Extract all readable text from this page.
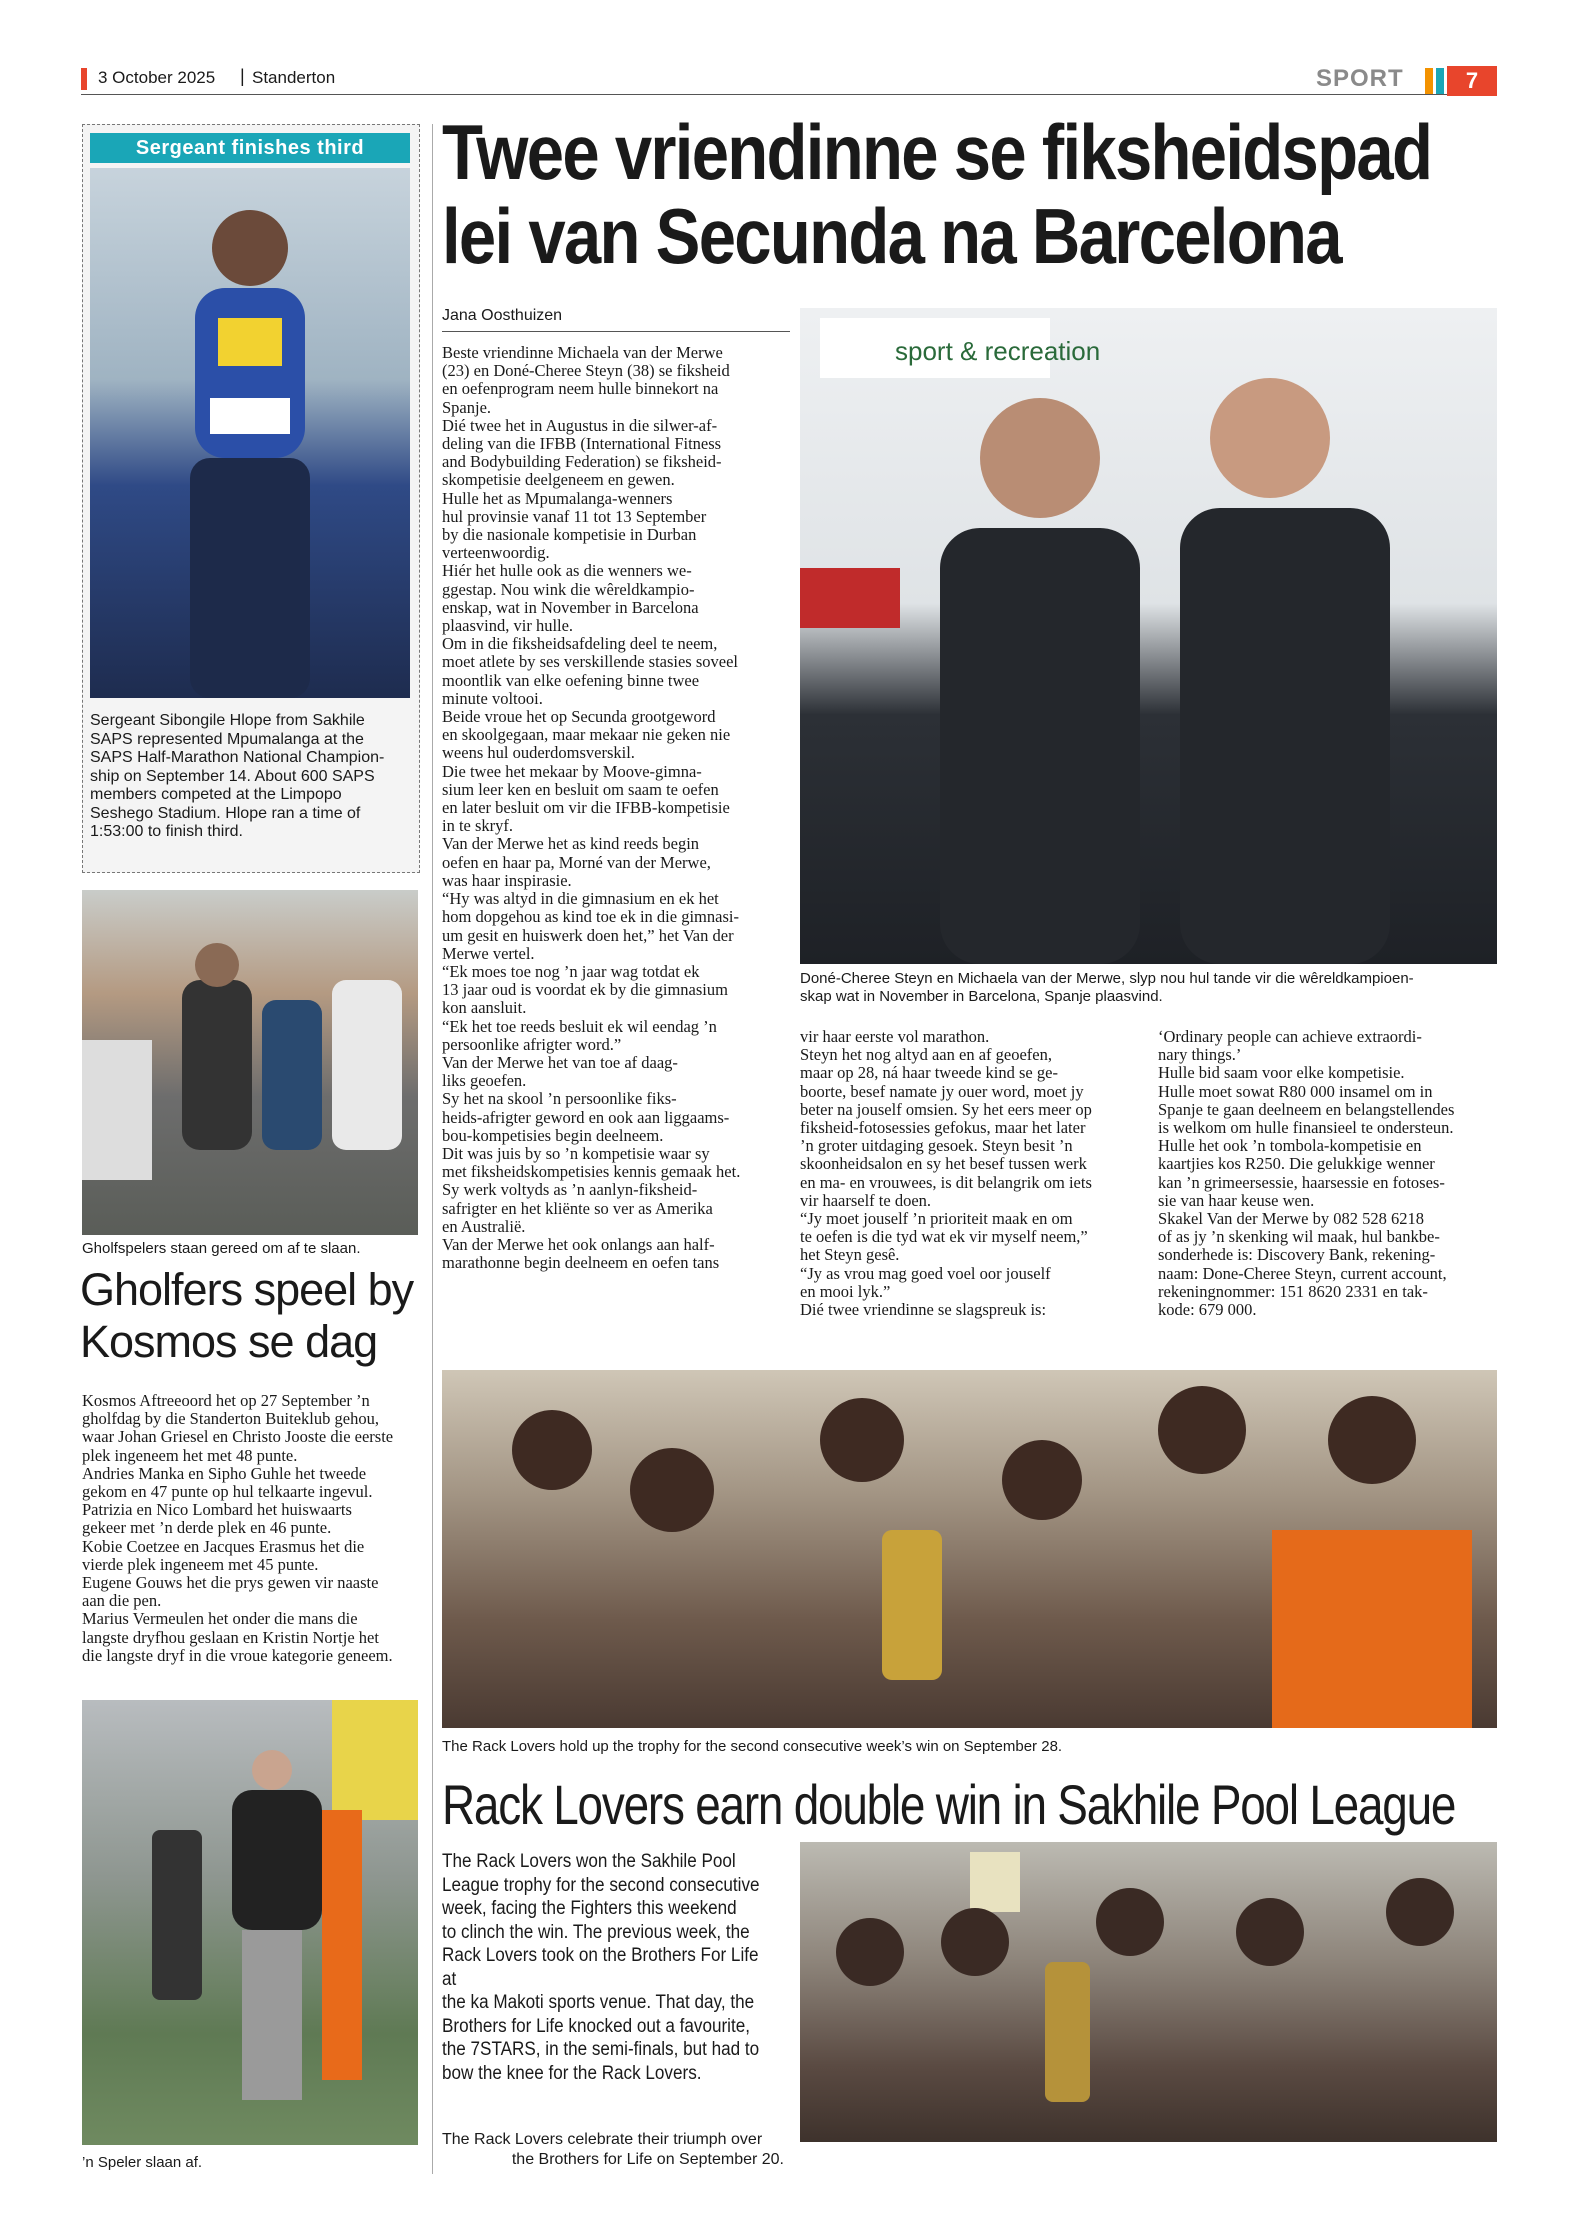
3 October 2025 | Standerton	SPORT	7
Sergeant finishes third
Sergeant Sibongile Hlope from Sakhile
SAPS represented Mpumalanga at the
SAPS Half-Marathon National Champion-
ship on September 14. About 600 SAPS
members competed at the Limpopo
Seshego Stadium. Hlope ran a time of
1:53:00 to finish third.
Gholfspelers staan gereed om af te slaan.
Gholfers speel by
Kosmos se dag
Kosmos Aftreeoord het op 27 September ’n
gholfdag by die Standerton Buiteklub gehou,
waar Johan Griesel en Christo Jooste die eerste
plek ingeneem het met 48 punte.
Andries Manka en Sipho Guhle het tweede
gekom en 47 punte op hul telkaarte ingevul.
Patrizia en Nico Lombard het huiswaarts
gekeer met ’n derde plek en 46 punte.
Kobie Coetzee en Jacques Erasmus het die
vierde plek ingeneem met 45 punte.
Eugene Gouws het die prys gewen vir naaste
aan die pen.
Marius Vermeulen het onder die mans die
langste dryfhou geslaan en Kristin Nortje het
die langste dryf in die vroue kategorie geneem.
’n Speler slaan af.
Twee vriendinne se fiksheidspad
lei van Secunda na Barcelona
Jana Oosthuizen
Beste vriendinne Michaela van der Merwe
(23) en Doné-Cheree Steyn (38) se fiksheid
en oefenprogram neem hulle binnekort na
Spanje.
Dié twee het in Augustus in die silwer-af-
deling van die IFBB (International Fitness
and Bodybuilding Federation) se fiksheid-
skompetisie deelgeneem en gewen.
Hulle het as Mpumalanga-wenners
hul provinsie vanaf 11 tot 13 September
by die nasionale kompetisie in Durban
verteenwoordig.
Hiér het hulle ook as die wenners we-
ggestap. Nou wink die wêreldkampio-
enskap, wat in November in Barcelona
plaasvind, vir hulle.
Om in die fiksheidsafdeling deel te neem,
moet atlete by ses verskillende stasies soveel
moontlik van elke oefening binne twee
minute voltooi.
Beide vroue het op Secunda grootgeword
en skoolgegaan, maar mekaar nie geken nie
weens hul ouderdomsverskil.
Die twee het mekaar by Moove-gimna-
sium leer ken en besluit om saam te oefen
en later besluit om vir die IFBB-kompetisie
in te skryf.
Van der Merwe het as kind reeds begin
oefen en haar pa, Morné van der Merwe,
was haar inspirasie.
“Hy was altyd in die gimnasium en ek het
hom dopgehou as kind toe ek in die gimnasi-
um gesit en huiswerk doen het,” het Van der
Merwe vertel.
“Ek moes toe nog ’n jaar wag totdat ek
13 jaar oud is voordat ek by die gimnasium
kon aansluit.
“Ek het toe reeds besluit ek wil eendag ’n
persoonlike afrigter word.”
Van der Merwe het van toe af daag-
liks geoefen.
Sy het na skool ’n persoonlike fiks-
heids-afrigter geword en ook aan liggaams-
bou-kompetisies begin deelneem.
Dit was juis by so ’n kompetisie waar sy
met fiksheidskompetisies kennis gemaak het.
Sy werk voltyds as ’n aanlyn-fiksheid-
safrigter en het kliënte so ver as Amerika
en Australië.
Van der Merwe het ook onlangs aan half-
marathonne begin deelneem en oefen tans
sport & recreation
Doné-Cheree Steyn en Michaela van der Merwe, slyp nou hul tande vir die wêreldkampioen-
skap wat in November in Barcelona, Spanje plaasvind.
vir haar eerste vol marathon.
Steyn het nog altyd aan en af geoefen,
maar op 28, ná haar tweede kind se ge-
boorte, besef namate jy ouer word, moet jy
beter na jouself omsien. Sy het eers meer op
fiksheid-fotosessies gefokus, maar het later
’n groter uitdaging gesoek. Steyn besit ’n
skoonheidsalon en sy het besef tussen werk
en ma- en vrouwees, is dit belangrik om iets
vir haarself te doen.
“Jy moet jouself ’n prioriteit maak en om
te oefen is die tyd wat ek vir myself neem,”
het Steyn gesê.
“Jy as vrou mag goed voel oor jouself
en mooi lyk.”
Dié twee vriendinne se slagspreuk is:
‘Ordinary people can achieve extraordi-
nary things.’
Hulle bid saam voor elke kompetisie.
Hulle moet sowat R80 000 insamel om in
Spanje te gaan deelneem en belangstellendes
is welkom om hulle finansieel te ondersteun.
Hulle het ook ’n tombola-kompetisie en
kaartjies kos R250. Die gelukkige wenner
kan ’n grimeersessie, haarsessie en fotoses-
sie van haar keuse wen.
Skakel Van der Merwe by 082 528 6218
of as jy ’n skenking wil maak, hul bankbe-
sonderhede is: Discovery Bank, rekening-
naam: Done-Cheree Steyn, current account,
rekeningnommer: 151 8620 2331 en tak-
kode: 679 000.
The Rack Lovers hold up the trophy for the second consecutive week’s win on September 28.
Rack Lovers earn double win in Sakhile Pool League
The Rack Lovers won the Sakhile Pool
League trophy for the second consecutive
week, facing the Fighters this weekend
to clinch the win. The previous week, the
Rack Lovers took on the Brothers For Life at
the ka Makoti sports venue. That day, the
Brothers for Life knocked out a favourite,
the 7STARS, in the semi-finals, but had to
bow the knee for the Rack Lovers.
The Rack Lovers celebrate their triumph over
the Brothers for Life on September 20.
